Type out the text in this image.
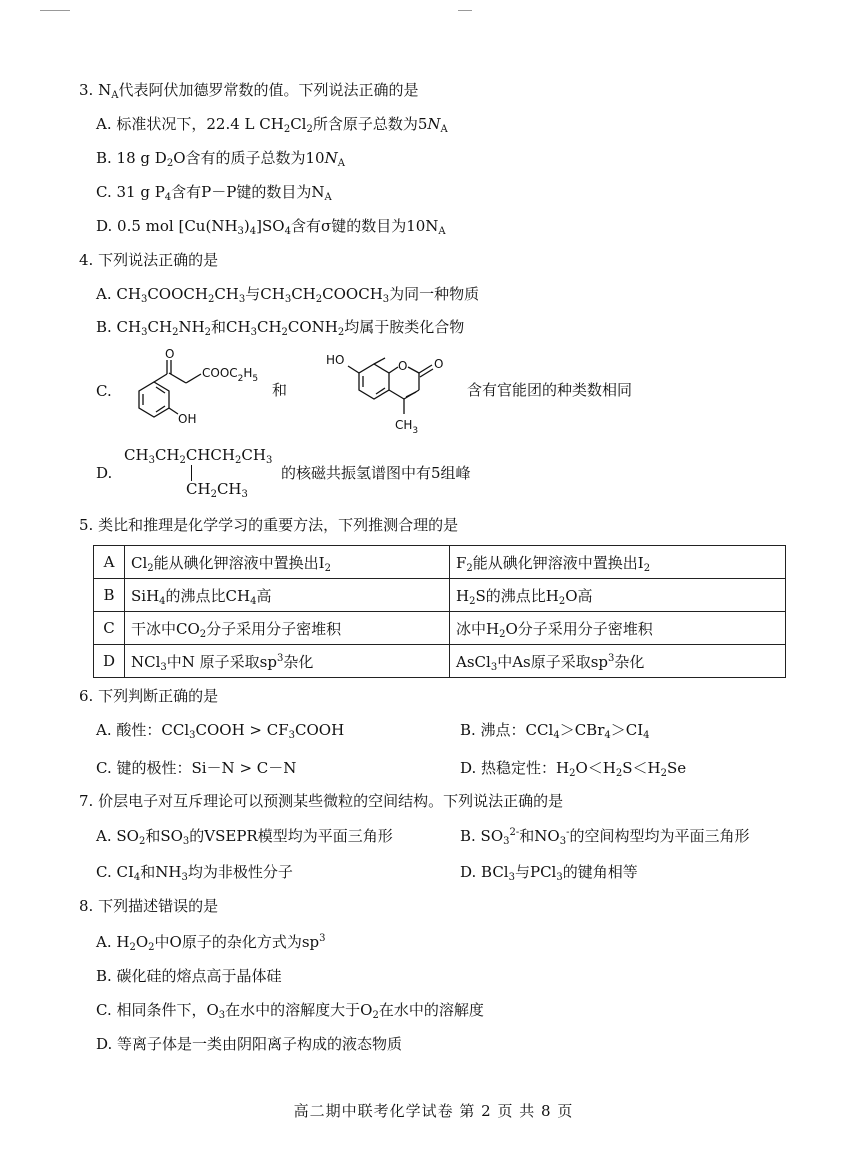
3. $N_A$代表阿伏加德罗常数的值。下列说法正确的是
A. 标准状况下，22.4 L $CH_2Cl_2$所含原子总数为$5N_A$
B. 18 g $D_2O$含有的质子总数为$10N_A$
C. 31 g $P_4$含有P－P键的数目为$N_A$
D. 0.5 mol $[Cu(NH_3)_4]SO_4$含有σ键的数目为$10N_A$
4. 下列说法正确的是
A. $CH_3COOCH_2CH_3$与$CH_3CH_2COOCH_3$为同一种物质
B. $CH_3CH_2NH_2$和$CH_3CH_2CONH_2$均属于胺类化合物
C.
O
$COOC_2H_5$
OH
和
HO	O O
$CH_3$
含有官能团的种类数相同
D.
$CH_3CH_2CHCH_2CH_3$
$CH_2CH_3$
的核磁共振氢谱图中有5组峰
5. 类比和推理是化学学习的重要方法，下列推测合理的是
A	$Cl_2$能从碘化钾溶液中置换出$I_2$	$F_2$能从碘化钾溶液中置换出$I_2$
B	SiH$_4$的沸点比$CH_4$高	$H_2S$的沸点比$H_2O$高
C	干冰中$CO_2$分子采用分子密堆积	冰中$H_2O$分子采用分子密堆积
D	NCl$_3$中N 原子采取$sp^3$杂化	AsCl$_3$中As原子采取$sp^3$杂化
6. 下列判断正确的是
A. 酸性：CCl$_3$COOH > $CF_3COOH$	B. 沸点：$CCl_4>CBr_4>CI_4$
C. 键的极性：Si－N > C－N	D. 热稳定性：$H_2O<H_2S<H_2Se$
7. 价层电子对互斥理论可以预测某些微粒的空间结构。下列说法正确的是
A. $SO_2$和$SO_3$的VSEPR模型均为平面三角形	B. $SO_3^{2-}$和$NO_3^-$的空间构型均为平面三角形
C. $CI_4$和$NH_3$均为非极性分子	D. BCl$_3$与PCl$_3$的键角相等
8. 下列描述错误的是
A. $H_2O_2$中O原子的杂化方式为$sp^3$
B. 碳化硅的熔点高于晶体硅
C. 相同条件下，$O_3$在水中的溶解度大于$O_2$在水中的溶解度
D. 等离子体是一类由阴阳离子构成的液态物质
高二期中联考化学试卷 第 2 页 共 8 页
